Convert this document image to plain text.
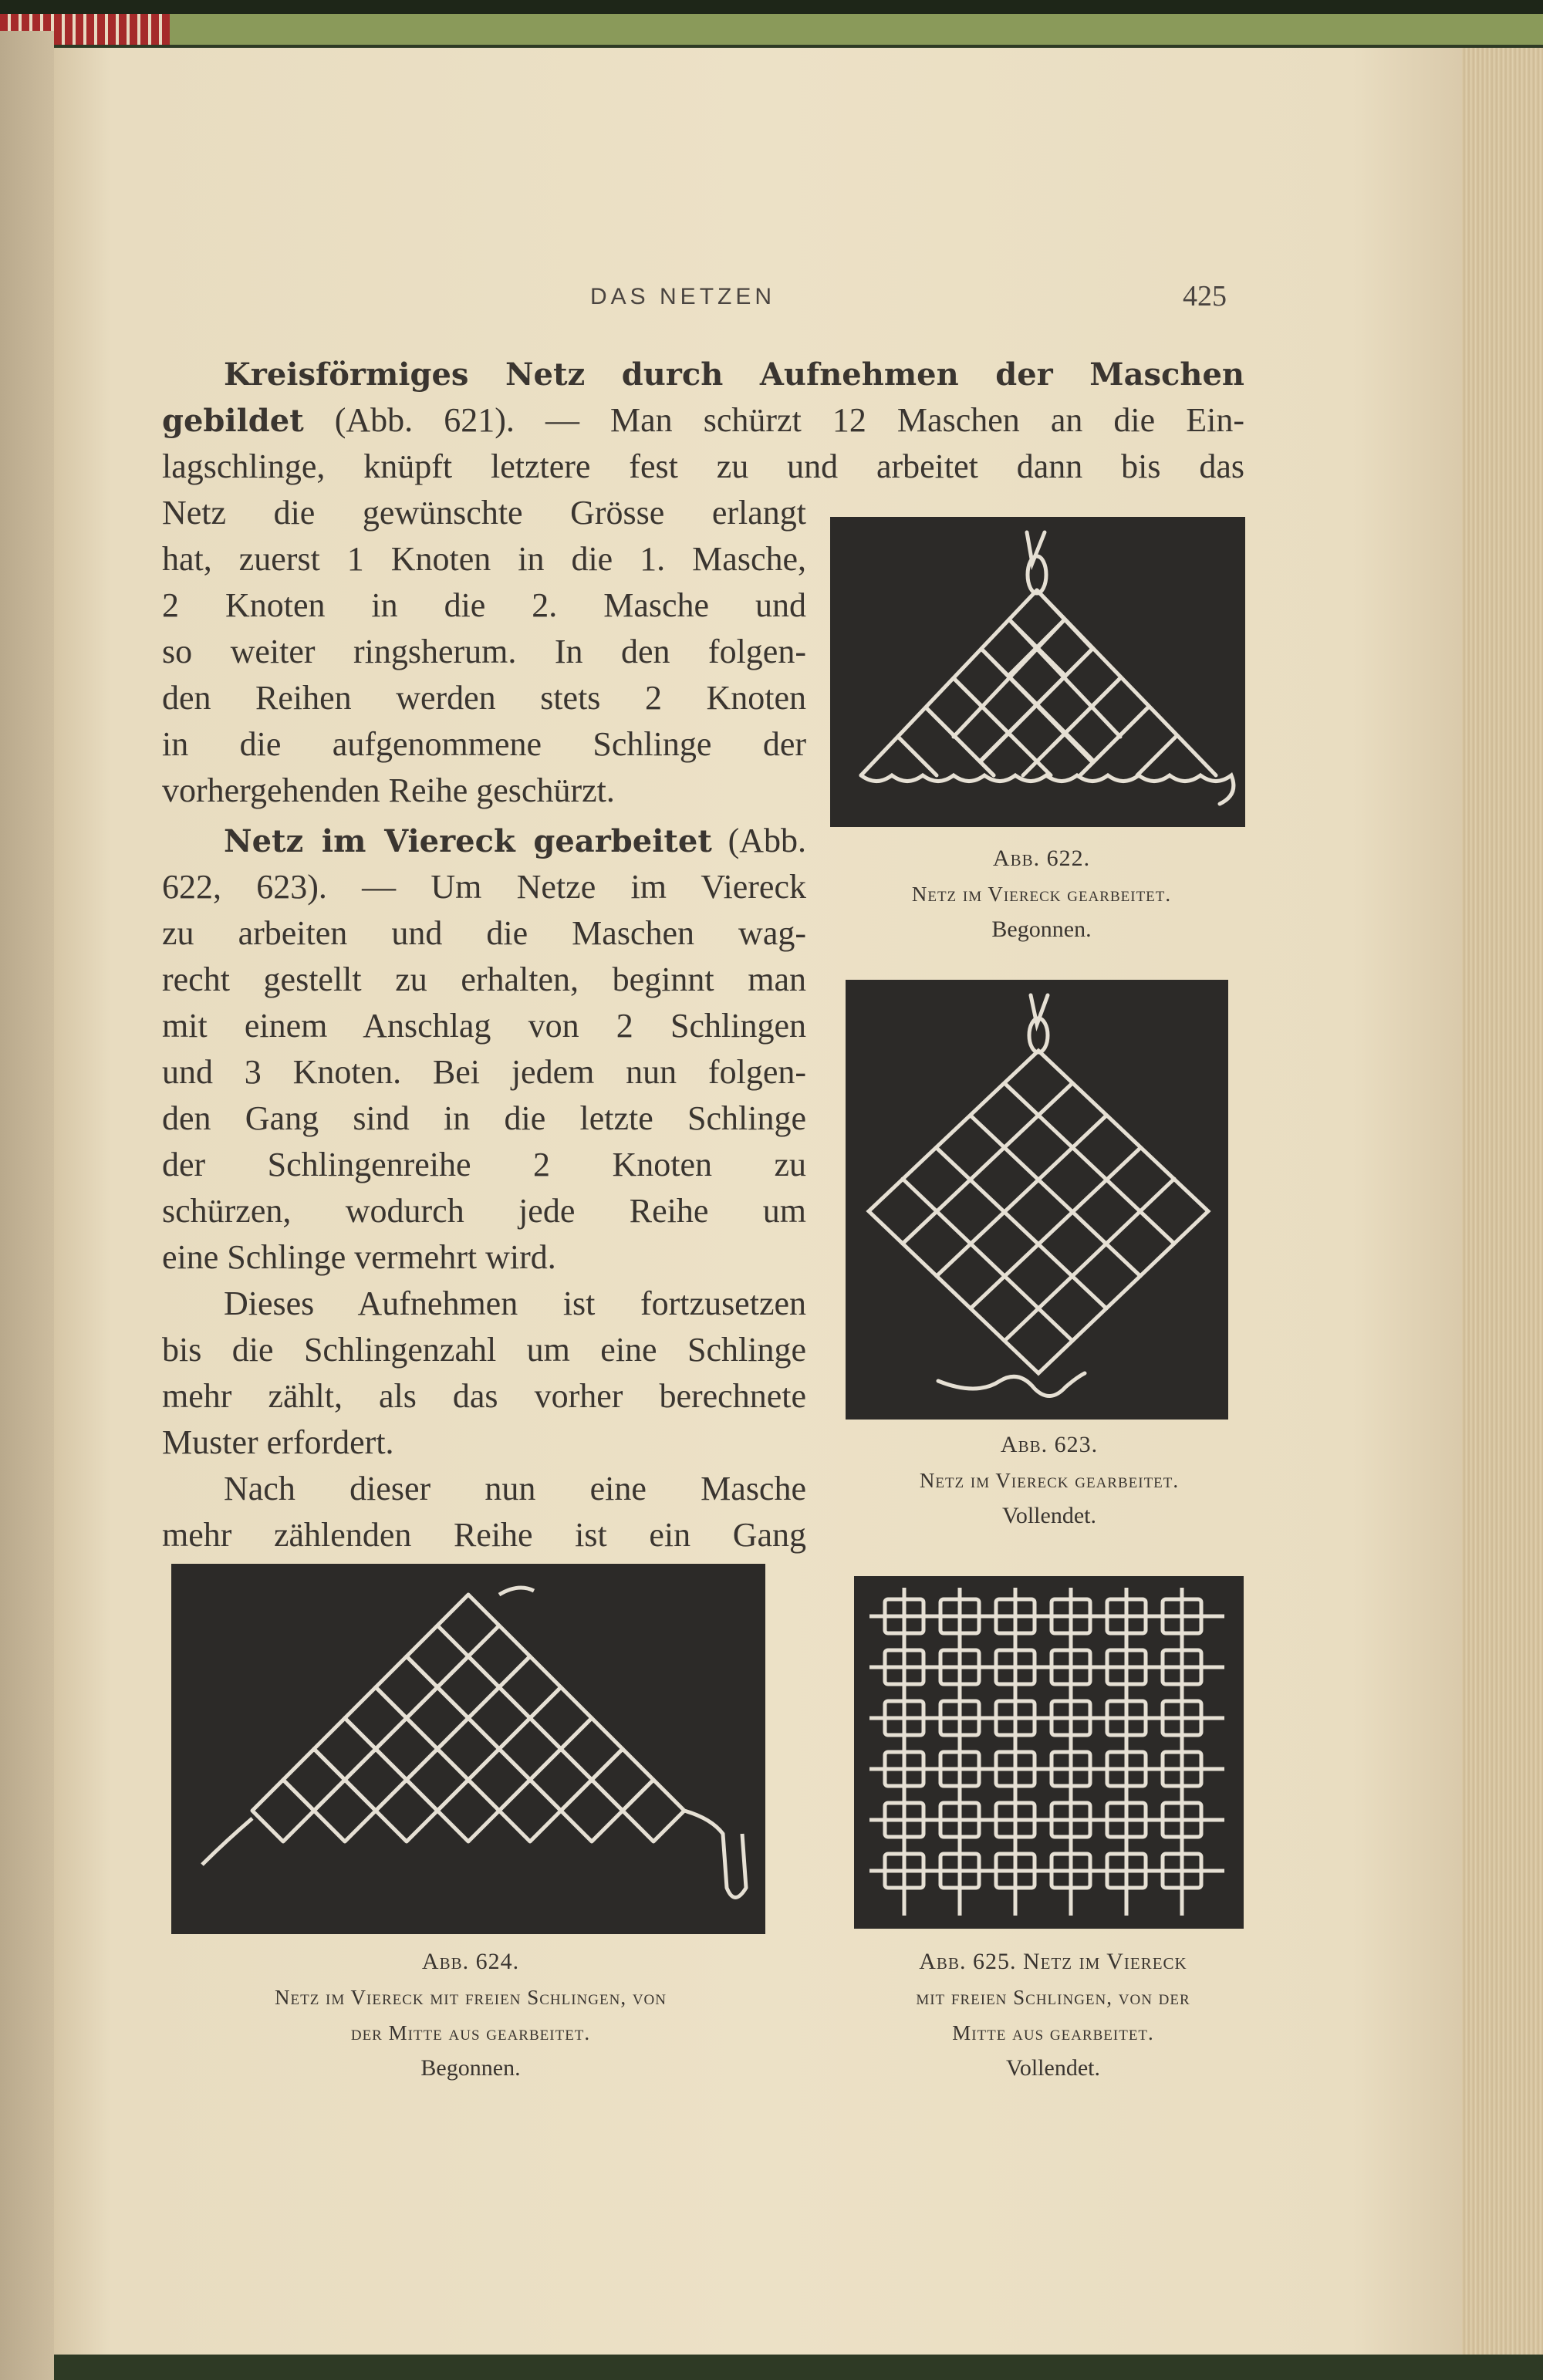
DAS NETZEN	425
Kreisförmiges Netz durch Aufnehmen der Maschen
gebildet (Abb. 621). — Man schürzt 12 Maschen an die Ein-
lagschlinge, knüpft letztere fest zu und arbeitet dann bis das
Netz die gewünschte Grösse erlangt
hat, zuerst 1 Knoten in die 1. Masche,
2 Knoten in die 2. Masche und
so weiter ringsherum. In den folgen-
den Reihen werden stets 2 Knoten
in die aufgenommene Schlinge der
vorhergehenden Reihe geschürzt.
Netz im Viereck gearbeitet (Abb.
622, 623). — Um Netze im Viereck
zu arbeiten und die Maschen wag-
recht gestellt zu erhalten, beginnt man
mit einem Anschlag von 2 Schlingen
und 3 Knoten. Bei jedem nun folgen-
den Gang sind in die letzte Schlinge
der Schlingenreihe 2 Knoten zu
schürzen, wodurch jede Reihe um
eine Schlinge vermehrt wird.
Dieses Aufnehmen ist fortzusetzen
bis die Schlingenzahl um eine Schlinge
mehr zählt, als das vorher berechnete
Muster erfordert.
Nach dieser nun eine Masche
mehr zählenden Reihe ist ein Gang
Abb. 622.
Netz im Viereck gearbeitet.
Begonnen.
Abb. 623.
Netz im Viereck gearbeitet.
Vollendet.
Abb. 624.
Netz im Viereck mit freien Schlingen, von
der Mitte aus gearbeitet.
Begonnen.
Abb. 625. Netz im Viereck
mit freien Schlingen, von der
Mitte aus gearbeitet.
Vollendet.
